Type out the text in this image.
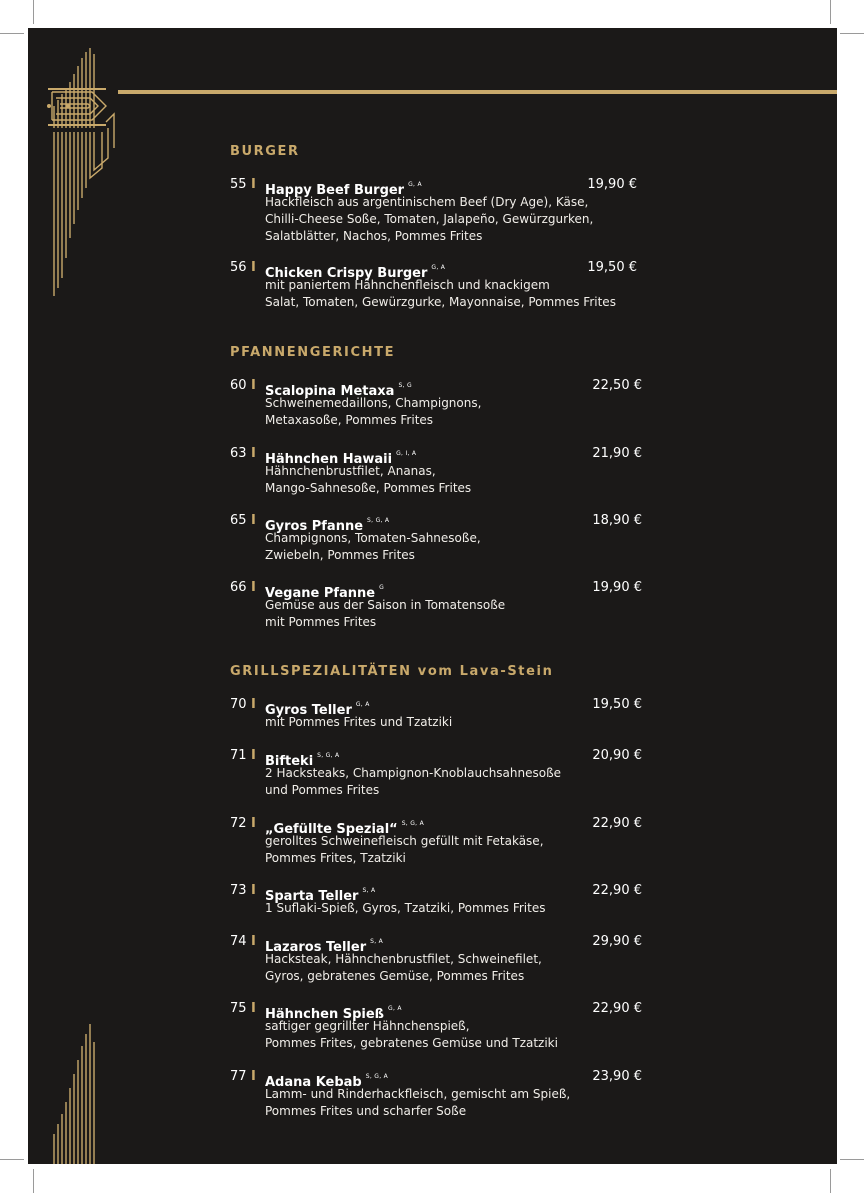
BURGER
55 I Happy Beef Burger $^{G, A}$	19,90 €
Hackfleisch aus argentinischem Beef (Dry Age), Käse,
Chilli-Cheese Soße, Tomaten, Jalapeño, Gewürzgurken,
Salatblätter, Nachos, Pommes Frites
56 I Chicken Crispy Burger $^{G, A}$	19,50 €
mit paniertem Hähnchenfleisch und knackigem
Salat, Tomaten, Gewürzgurke, Mayonnaise, Pommes Frites
PFANNENGERICHTE
60 I Scalopina Metaxa $^{S, G}$	22,50 €
Schweinemedaillons, Champignons,
Metaxasoße, Pommes Frites
63 I Hähnchen Hawaii $^{G, I, A}$	21,90 €
Hähnchenbrustfilet, Ananas,
Mango-Sahnesoße, Pommes Frites
65 I Gyros Pfanne $^{S, G, A}$	18,90 €
Champignons, Tomaten-Sahnesoße,
Zwiebeln, Pommes Frites
66 I Vegane Pfanne $^G$	19,90 €
Gemüse aus der Saison in Tomatensoße
mit Pommes Frites
GRILLSPEZIALITÄTEN vom Lava-Stein
70 I Gyros Teller $^{G, A}$	19,50 €
mit Pommes Frites und Tzatziki
71 I Bifteki $^{S, G, A}$	20,90 €
2 Hacksteaks, Champignon-Knoblauchsahnesoße
und Pommes Frites
72 I „Gefüllte Spezial“ $^{S, G, A}$	22,90 €
gerolltes Schweinefleisch gefüllt mit Fetakäse,
Pommes Frites, Tzatziki
73 I Sparta Teller $^{S, A}$	22,90 €
1 Suflaki-Spieß, Gyros, Tzatziki, Pommes Frites
74 I Lazaros Teller $^{S, A}$	29,90 €
Hacksteak, Hähnchenbrustfilet, Schweinefilet,
Gyros, gebratenes Gemüse, Pommes Frites
75 I Hähnchen Spieß $^{G, A}$	22,90 €
saftiger gegrillter Hähnchenspieß,
Pommes Frites, gebratenes Gemüse und Tzatziki
77 I Adana Kebab $^{S, G, A}$	23,90 €
Lamm- und Rinderhackfleisch, gemischt am Spieß,
Pommes Frites und scharfer Soße
